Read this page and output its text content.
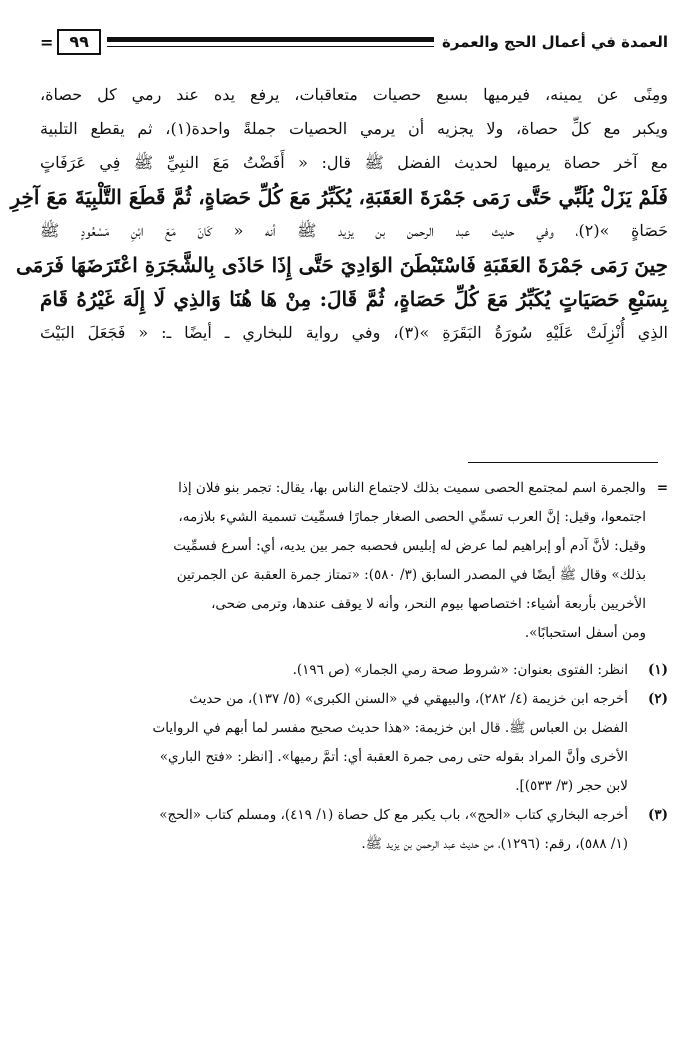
العمدة في أعمال الحج والعمرة
٩٩
=
ومِنًى عن يمينه، فيرميها بسبع حصيات متعاقبات، يرفع يده عند رمي كل حصاة،
ويكبر مع كلِّ حصاة، ولا يجزيه أن يرمي الحصيات جملةً واحدة(١)، ثم يقطع التلبية
مع آخر حصاة يرميها لحديث الفضل ﷺ قال: « أَفَضْتُ مَعَ النبِيِّ ﷺ فِي عَرَفَاتٍ
فَلَمْ يَزَلْ يُلَبِّي حَتَّى رَمَى جَمْرَةَ العَقَبَةِ، يُكَبِّرُ مَعَ كُلِّ حَصَاةٍ، ثُمَّ قَطَعَ التَّلْبِيَةَ مَعَ آخِرِ
حَصَاةٍ »(٢)، وفي حديث عبد الرحمن بن يزيد ﷺ أنه « كَانَ مَعَ ابْنِ مَسْعُودٍ ﷺ
حِينَ رَمَى جَمْرَةَ العَقَبَةِ فَاسْتَبْطَنَ الوَادِيَ حَتَّى إِذَا حَاذَى بِالشَّجَرَةِ اعْتَرَضَهَا فَرَمَى
بِسَبْعِ حَصَيَاتٍ يُكَبِّرُ مَعَ كُلِّ حَصَاةٍ، ثُمَّ قَالَ: مِنْ هَا هُنَا وَالذِي لَا إِلَهَ غَيْرُهُ قَامَ
الذِي أُنْزِلَتْ عَلَيْهِ سُورَةُ البَقَرَةِ »(٣)، وفي رواية للبخاري ـ أيضًا ـ: « فَجَعَلَ البَيْتَ
=والجمرة اسم لمجتمع الحصى سميت بذلك لاجتماع الناس بها، يقال: تجمر بنو فلان إذا
اجتمعوا، وقيل: إنَّ العرب تسمِّي الحصى الصغار جمارًا فسمِّيت تسمية الشيء بلازمه،
وقيل: لأنَّ آدم أو إبراهيم لما عرض له إبليس فحصبه جمر بين يديه، أي: أسرع فسمِّيت
بذلك» وقال ﷺ أيضًا في المصدر السابق (٣/ ٥٨٠): «تمتاز جمرة العقبة عن الجمرتين
الأخريين بأربعة أشياء: اختصاصها بيوم النحر، وأنه لا يوقف عندها، وترمى ضحى،
ومن أسفل استحبابًا».
(١)
انظر: الفتوى بعنوان: «شروط صحة رمي الجمار» (ص ١٩٦).
(٢)
أخرجه ابن خزيمة (٤/ ٢٨٢)، والبيهقي في «السنن الكبرى» (٥/ ١٣٧)، من حديث
الفضل بن العباس ﷺ. قال ابن خزيمة: «هذا حديث صحيح مفسر لما أبهم في الروايات
الأخرى وأنَّ المراد بقوله حتى رمى جمرة العقبة أي: أتمَّ رميها». [انظر: «فتح الباري»
لابن حجر (٣/ ٥٣٣)].
(٣)
أخرجه البخاري كتاب «الحج»، باب يكبر مع كل حصاة (١/ ٤١٩)، ومسلم كتاب «الحج»
(١/ ٥٨٨)، رقم: (١٢٩٦)، من حديث عبد الرحمن بن يزيد ﷺ.
